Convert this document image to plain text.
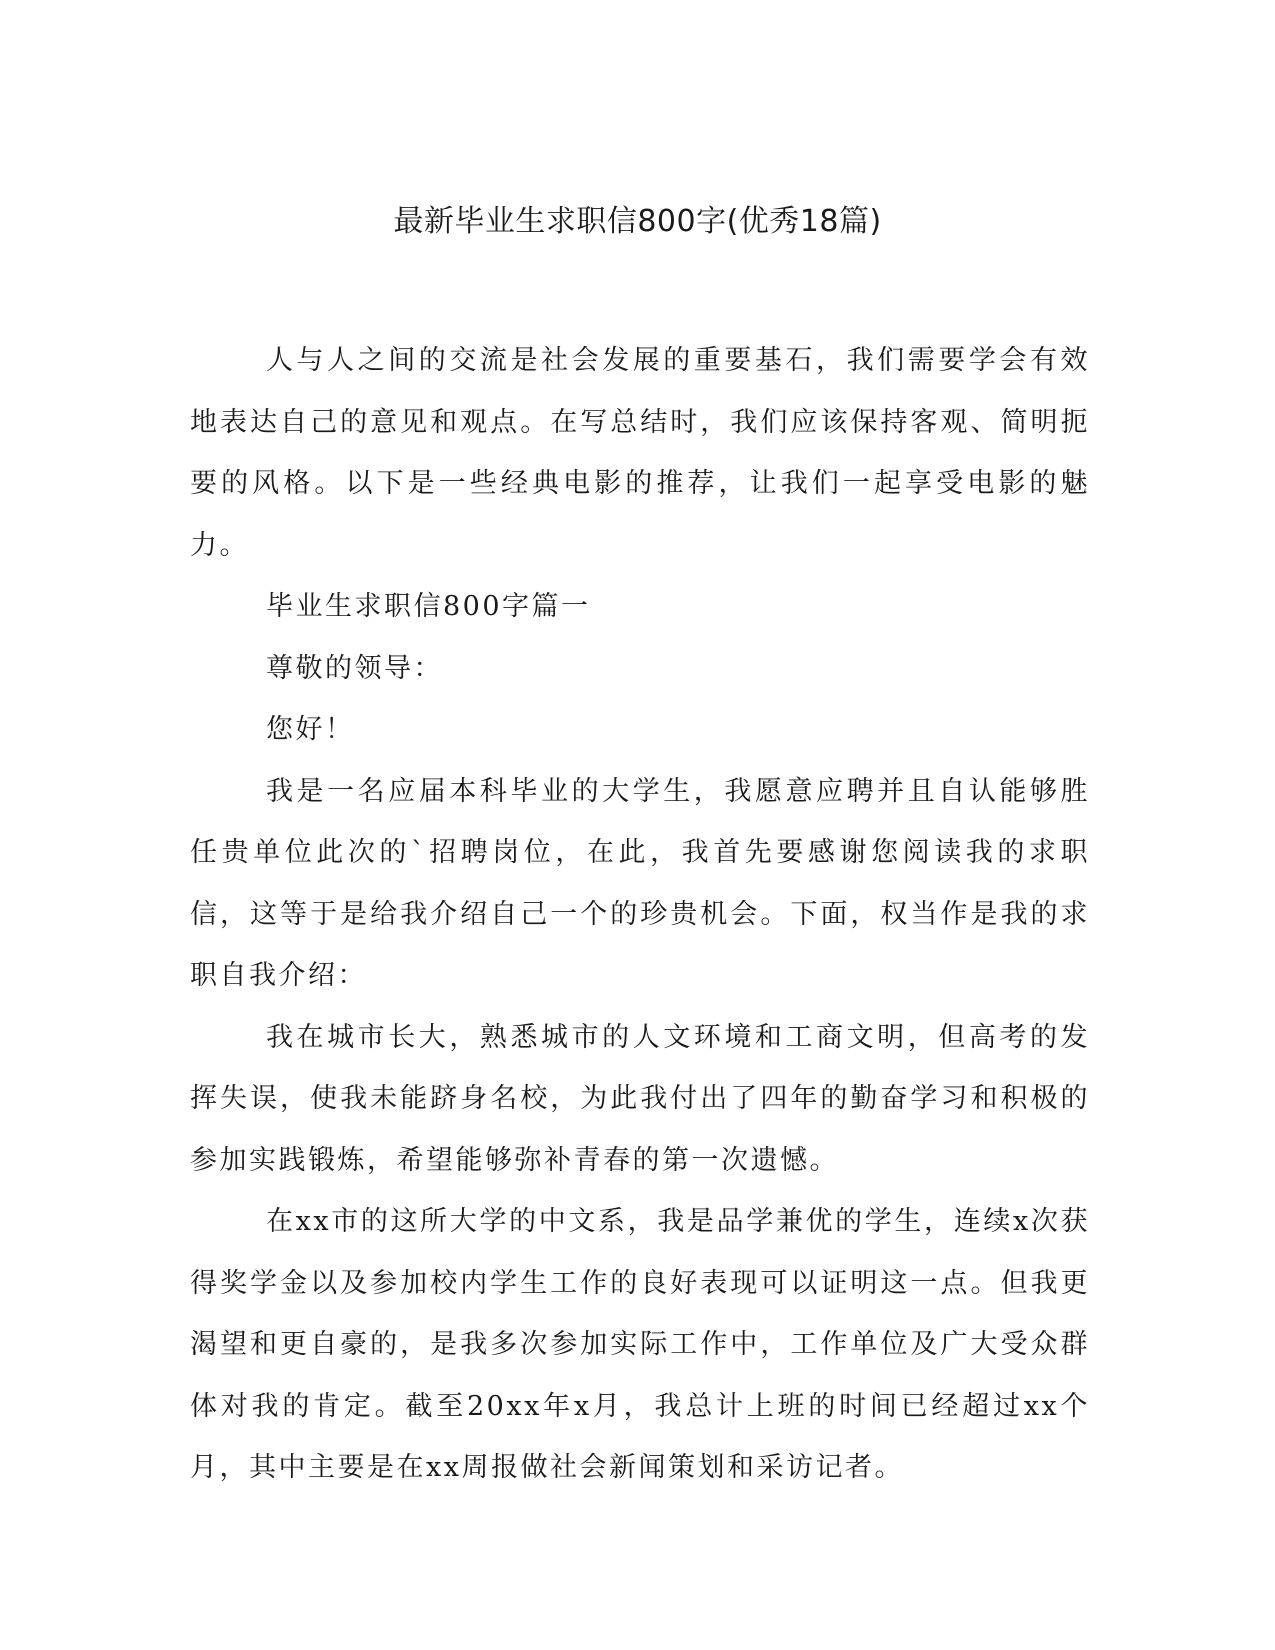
最新毕业生求职信800字(优秀18篇)

人与人之间的交流是社会发展的重要基石，我们需要学会有效地表达自己的意见和观点。在写总结时，我们应该保持客观、简明扼要的风格。以下是一些经典电影的推荐，让我们一起享受电影的魅力。

毕业生求职信800字篇一

尊敬的领导：

您好！

我是一名应届本科毕业的大学生，我愿意应聘并且自认能够胜任贵单位此次的`招聘岗位，在此，我首先要感谢您阅读我的求职信，这等于是给我介绍自己一个的珍贵机会。下面，权当作是我的求职自我介绍：

我在城市长大，熟悉城市的人文环境和工商文明，但高考的发挥失误，使我未能跻身名校，为此我付出了四年的勤奋学习和积极的参加实践锻炼，希望能够弥补青春的第一次遗憾。

在xx市的这所大学的中文系，我是品学兼优的学生，连续x次获得奖学金以及参加校内学生工作的良好表现可以证明这一点。但我更渴望和更自豪的，是我多次参加实际工作中，工作单位及广大受众群体对我的肯定。截至20xx年x月，我总计上班的时间已经超过xx个月，其中主要是在xx周报做社会新闻策划和采访记者。
